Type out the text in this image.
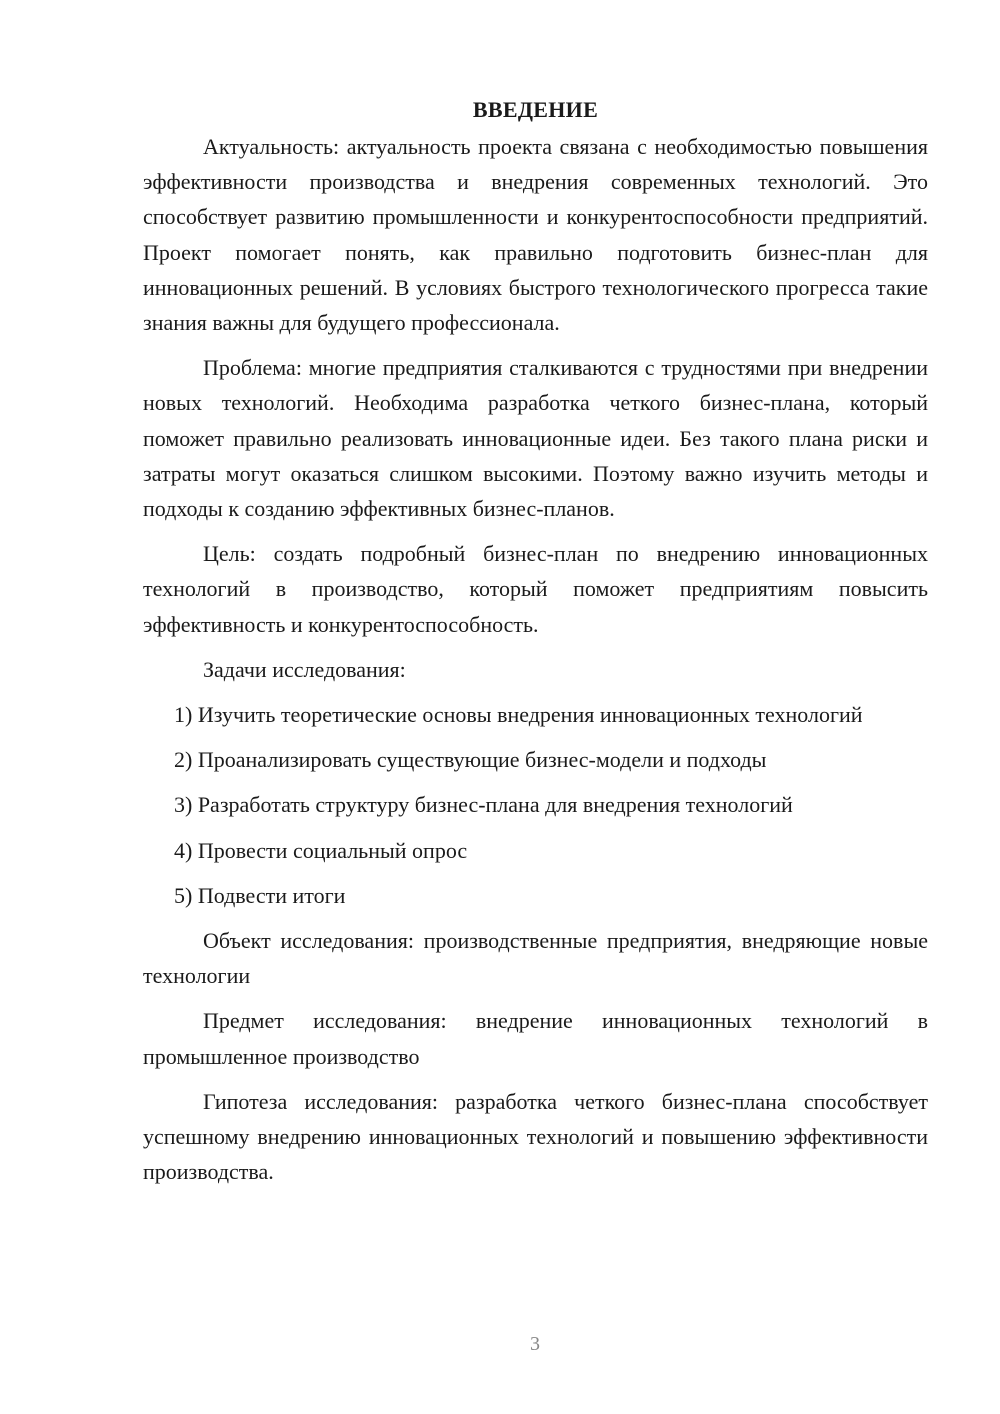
ВВЕДЕНИЕ
Актуальность: актуальность проекта связана с необходимостью повышения эффективности производства и внедрения современных технологий. Это способствует развитию промышленности и конкурентоспособности предприятий. Проект помогает понять, как правильно подготовить бизнес-план для инновационных решений. В условиях быстрого технологического прогресса такие знания важны для будущего профессионала.
Проблема: многие предприятия сталкиваются с трудностями при внедрении новых технологий. Необходима разработка четкого бизнес-плана, который поможет правильно реализовать инновационные идеи. Без такого плана риски и затраты могут оказаться слишком высокими. Поэтому важно изучить методы и подходы к созданию эффективных бизнес-планов.
Цель: создать подробный бизнес-план по внедрению инновационных технологий в производство, который поможет предприятиям повысить эффективность и конкурентоспособность.
Задачи исследования:
1) Изучить теоретические основы внедрения инновационных технологий
2) Проанализировать существующие бизнес-модели и подходы
3) Разработать структуру бизнес-плана для внедрения технологий
4) Провести социальный опрос
5) Подвести итоги
Объект исследования: производственные предприятия, внедряющие новые технологии
Предмет исследования: внедрение инновационных технологий в промышленное производство
Гипотеза исследования: разработка четкого бизнес-плана способствует успешному внедрению инновационных технологий и повышению эффективности производства.
3
